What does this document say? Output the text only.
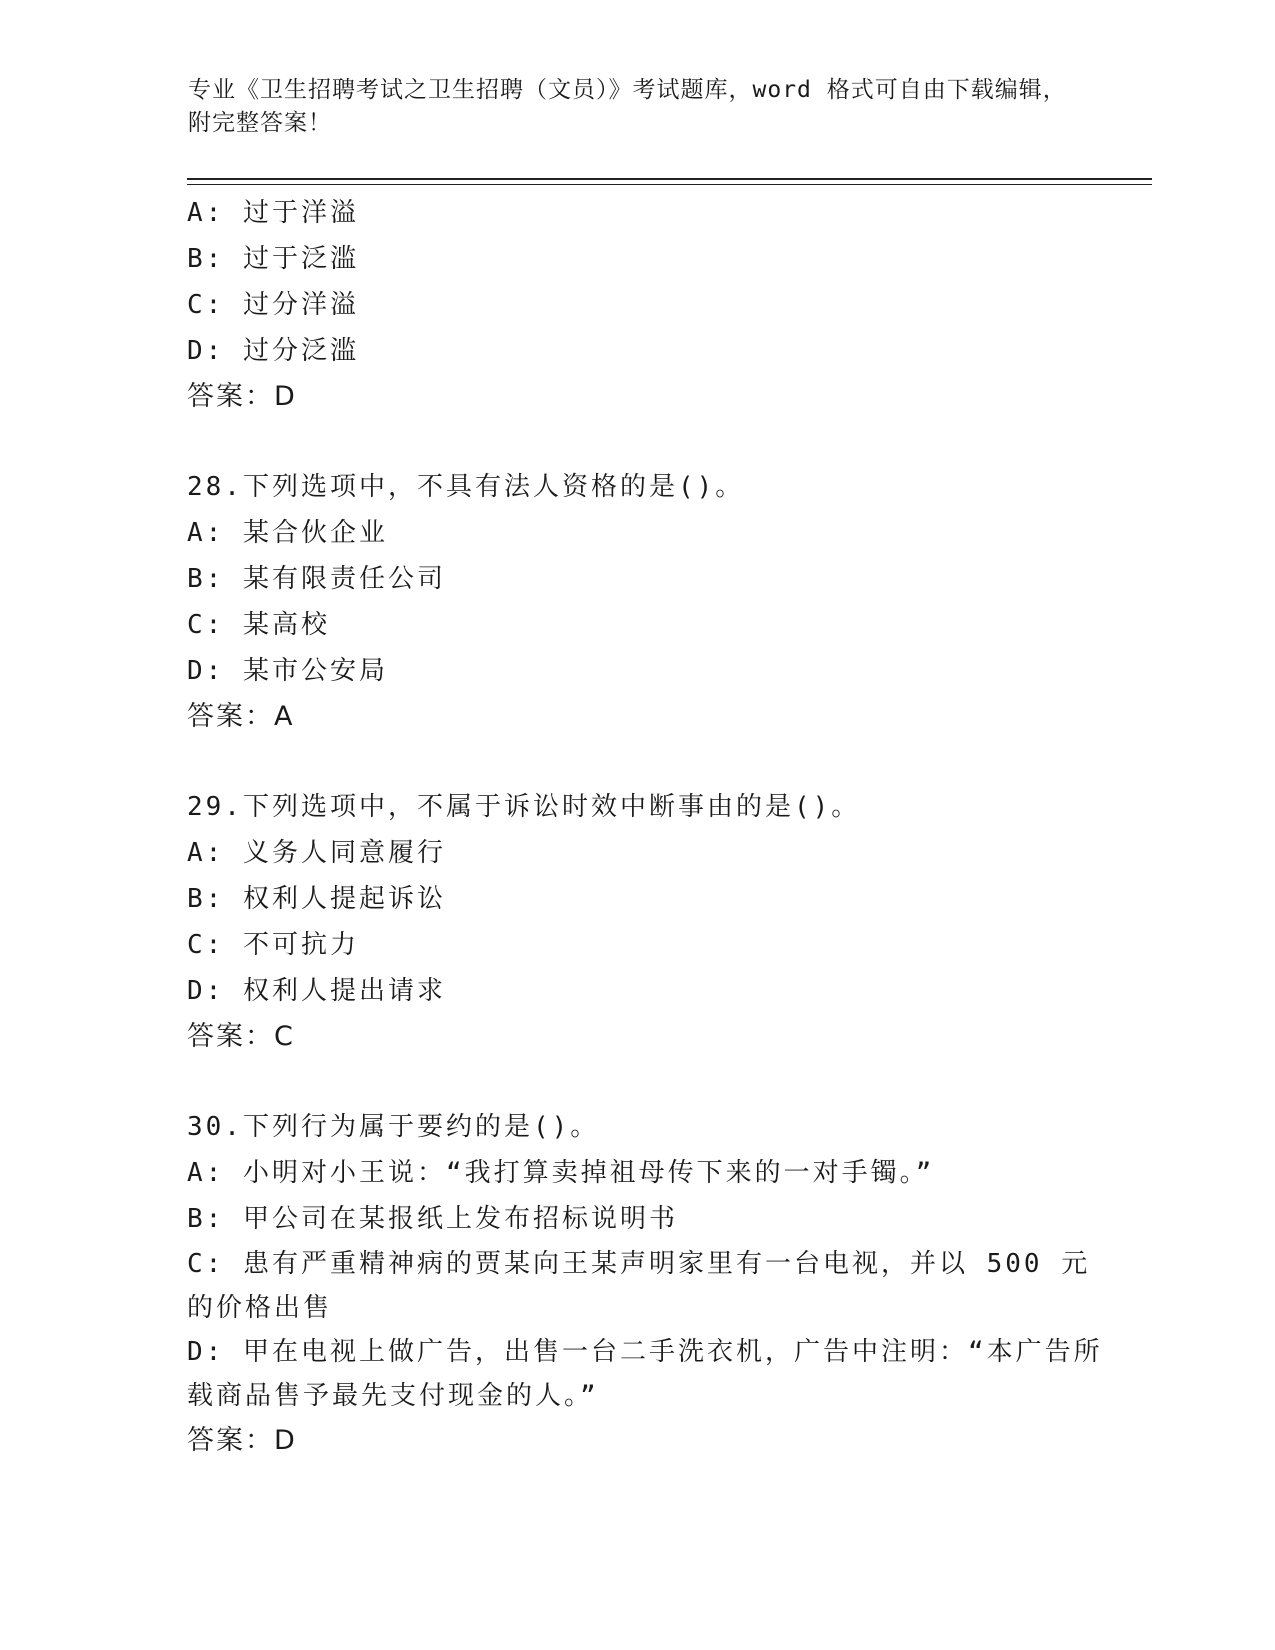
专业《卫生招聘考试之卫生招聘（文员）》考试题库，word 格式可自由下载编辑，附完整答案！
A: 过于洋溢
B: 过于泛滥
C: 过分洋溢
D: 过分泛滥
答案：D
28.下列选项中，不具有法人资格的是()。
A: 某合伙企业
B: 某有限责任公司
C: 某高校
D: 某市公安局
答案：A
29.下列选项中，不属于诉讼时效中断事由的是()。
A: 义务人同意履行
B: 权利人提起诉讼
C: 不可抗力
D: 权利人提出请求
答案：C
30.下列行为属于要约的是()。
A: 小明对小王说：“我打算卖掉祖母传下来的一对手镯。”
B: 甲公司在某报纸上发布招标说明书
C: 患有严重精神病的贾某向王某声明家里有一台电视，并以 500 元的价格出售
D: 甲在电视上做广告，出售一台二手洗衣机，广告中注明：“本广告所载商品售予最先支付现金的人。”
答案：D
